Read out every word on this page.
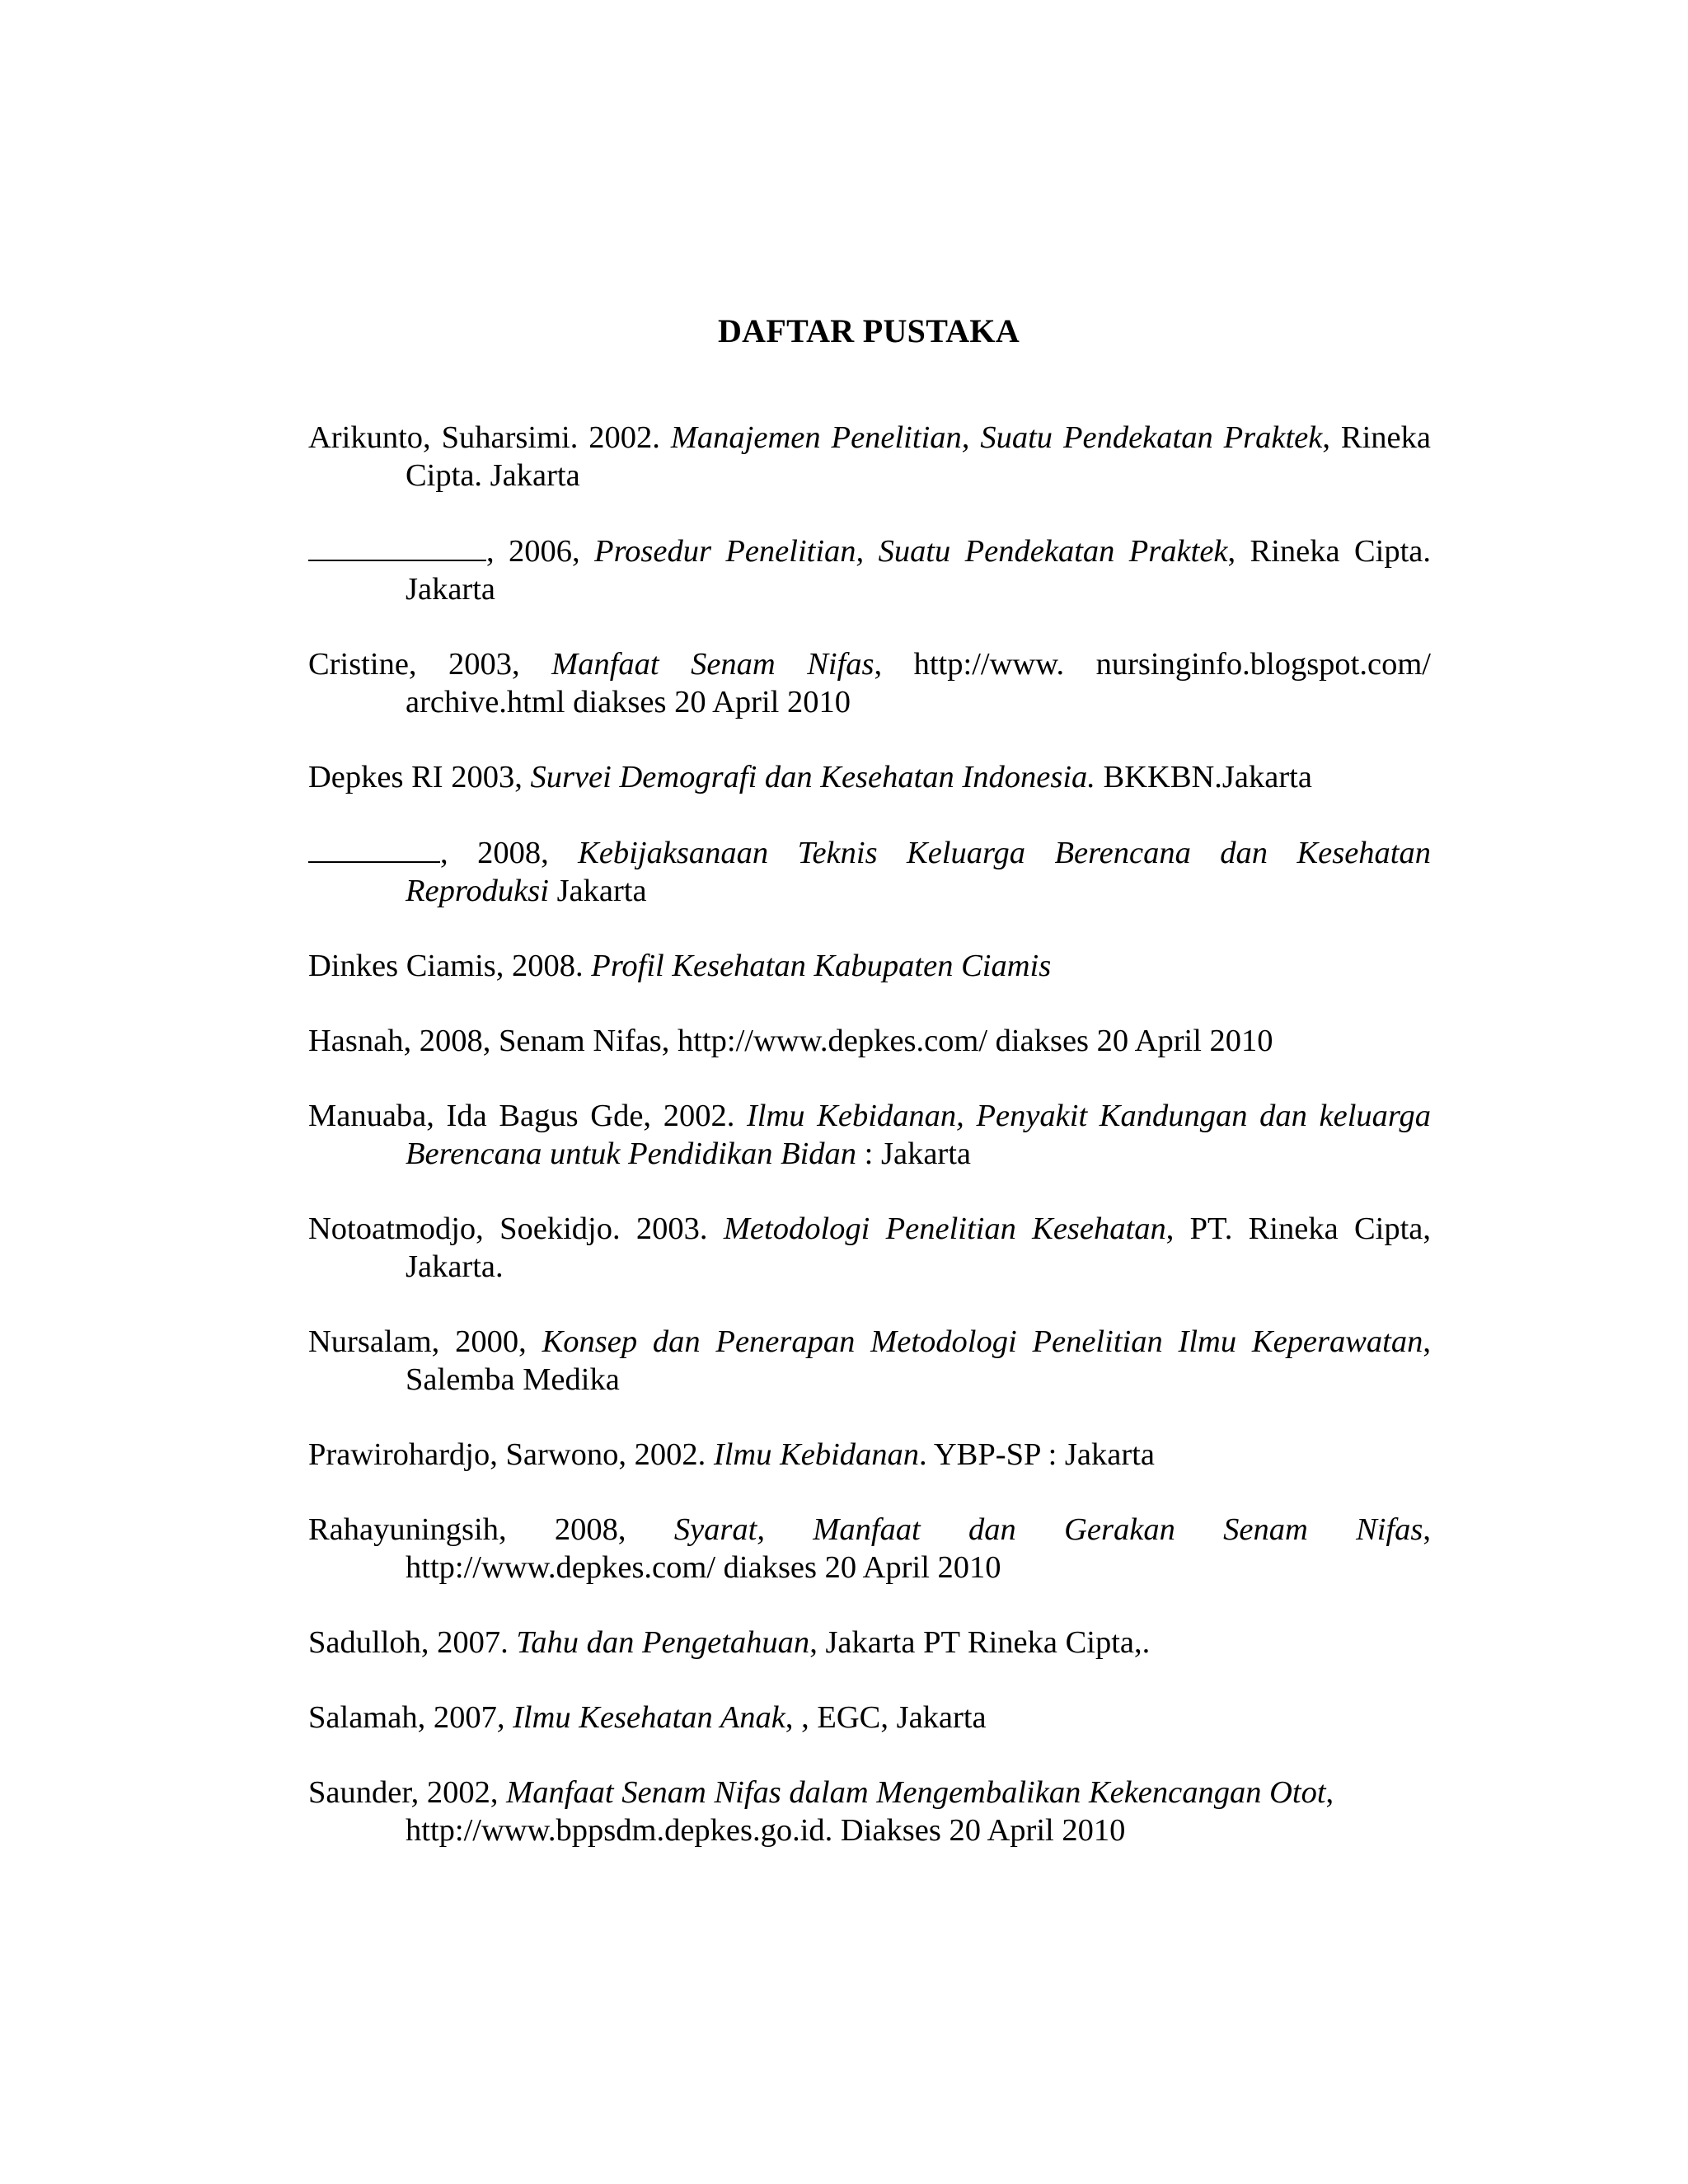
DAFTAR PUSTAKA

Arikunto, Suharsimi. 2002. Manajemen Penelitian, Suatu Pendekatan Praktek, Rineka Cipta. Jakarta

, 2006, Prosedur Penelitian, Suatu Pendekatan Praktek, Rineka Cipta. Jakarta

Cristine, 2003, Manfaat Senam Nifas, http://www. nursinginfo.blogspot.com/ archive.html diakses 20 April 2010

Depkes RI 2003, Survei Demografi dan Kesehatan Indonesia. BKKBN.Jakarta

, 2008, Kebijaksanaan Teknis Keluarga Berencana dan Kesehatan Reproduksi Jakarta

Dinkes Ciamis, 2008. Profil Kesehatan Kabupaten Ciamis

Hasnah, 2008, Senam Nifas, http://www.depkes.com/ diakses 20 April 2010

Manuaba, Ida Bagus Gde, 2002. Ilmu Kebidanan, Penyakit Kandungan dan keluarga Berencana untuk Pendidikan Bidan : Jakarta

Notoatmodjo, Soekidjo. 2003. Metodologi Penelitian Kesehatan, PT. Rineka Cipta, Jakarta.

Nursalam, 2000, Konsep dan Penerapan Metodologi Penelitian Ilmu Keperawatan, Salemba Medika

Prawirohardjo, Sarwono, 2002. Ilmu Kebidanan. YBP-SP : Jakarta

Rahayuningsih, 2008, Syarat, Manfaat dan Gerakan Senam Nifas, http://www.depkes.com/ diakses 20 April 2010

Sadulloh, 2007. Tahu dan Pengetahuan, Jakarta PT Rineka Cipta,.

Salamah, 2007, Ilmu Kesehatan Anak, , EGC, Jakarta

Saunder, 2002, Manfaat Senam Nifas dalam Mengembalikan Kekencangan Otot, http://www.bppsdm.depkes.go.id. Diakses 20 April 2010
